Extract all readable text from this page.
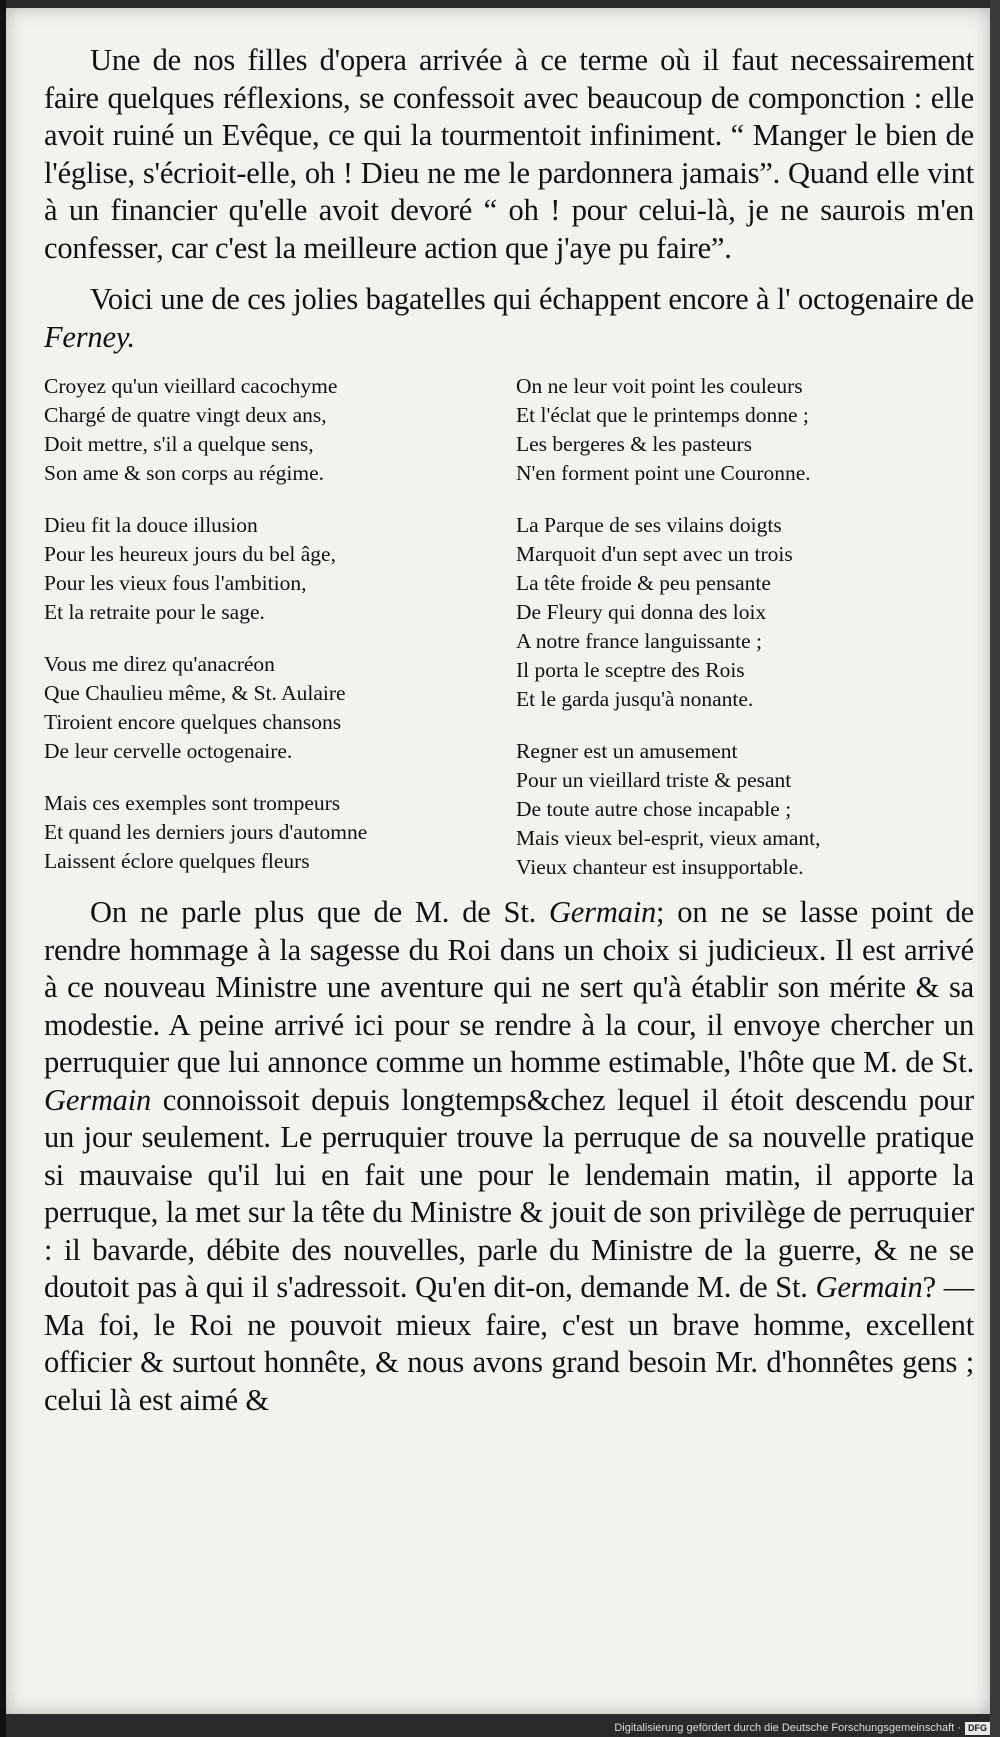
Une de nos filles d'opera arrivée à ce terme où il faut necessairement faire quelques réflexions, se confessoit avec beaucoup de componction : elle avoit ruiné un Evêque, ce qui la tourmentoit infiniment. “ Manger le bien de l'église, s'écrioit-elle, oh ! Dieu ne me le pardonnera jamais”. Quand elle vint à un financier qu'elle avoit devoré “ oh ! pour celui-là, je ne saurois m'en confesser, car c'est la meilleure action que j'aye pu faire”.

Voici une de ces jolies bagatelles qui échappent encore à l' octogenaire de Ferney.

Croyez qu'un vieillard cacochyme
Chargé de quatre vingt deux ans,
Doit mettre, s'il a quelque sens,
Son ame & son corps au régime.
Dieu fit la douce illusion
Pour les heureux jours du bel âge,
Pour les vieux fous l'ambition,
Et la retraite pour le sage.
Vous me direz qu'anacréon
Que Chaulieu même, & St. Aulaire
Tiroient encore quelques chansons
De leur cervelle octogenaire.
Mais ces exemples sont trompeurs
Et quand les derniers jours d'automne
Laissent éclore quelques fleurs
On ne leur voit point les couleurs
Et l'éclat que le printemps donne ;
Les bergeres & les pasteurs
N'en forment point une Couronne.
La Parque de ses vilains doigts
Marquoit d'un sept avec un trois
La tête froide & peu pensante
De Fleury qui donna des loix
A notre france languissante ;
Il porta le sceptre des Rois
Et le garda jusqu'à nonante.
Regner est un amusement
Pour un vieillard triste & pesant
De toute autre chose incapable ;
Mais vieux bel-esprit, vieux amant,
Vieux chanteur est insupportable.

On ne parle plus que de M. de St. Germain; on ne se lasse point de rendre hommage à la sagesse du Roi dans un choix si judicieux. Il est arrivé à ce nouveau Ministre une aventure qui ne sert qu'à établir son mérite & sa modestie. A peine arrivé ici pour se rendre à la cour, il envoye chercher un perruquier que lui annonce comme un homme estimable, l'hôte que M. de St. Germain connoissoit depuis longtemps&chez lequel il étoit descendu pour un jour seulement. Le perruquier trouve la perruque de sa nouvelle pratique si mauvaise qu'il lui en fait une pour le lendemain matin, il apporte la perruque, la met sur la tête du Ministre & jouit de son privilège de perruquier : il bavarde, débite des nouvelles, parle du Ministre de la guerre, & ne se doutoit pas à qui il s'adressoit. Qu'en dit-on, demande M. de St. Germain? — Ma foi, le Roi ne pouvoit mieux faire, c'est un brave homme, excellent officier & surtout honnête, & nous avons grand besoin Mr. d'honnêtes gens ; celui là est aimé &

Digitalisierung gefördert durch die Deutsche Forschungsgemeinschaft · DFG
